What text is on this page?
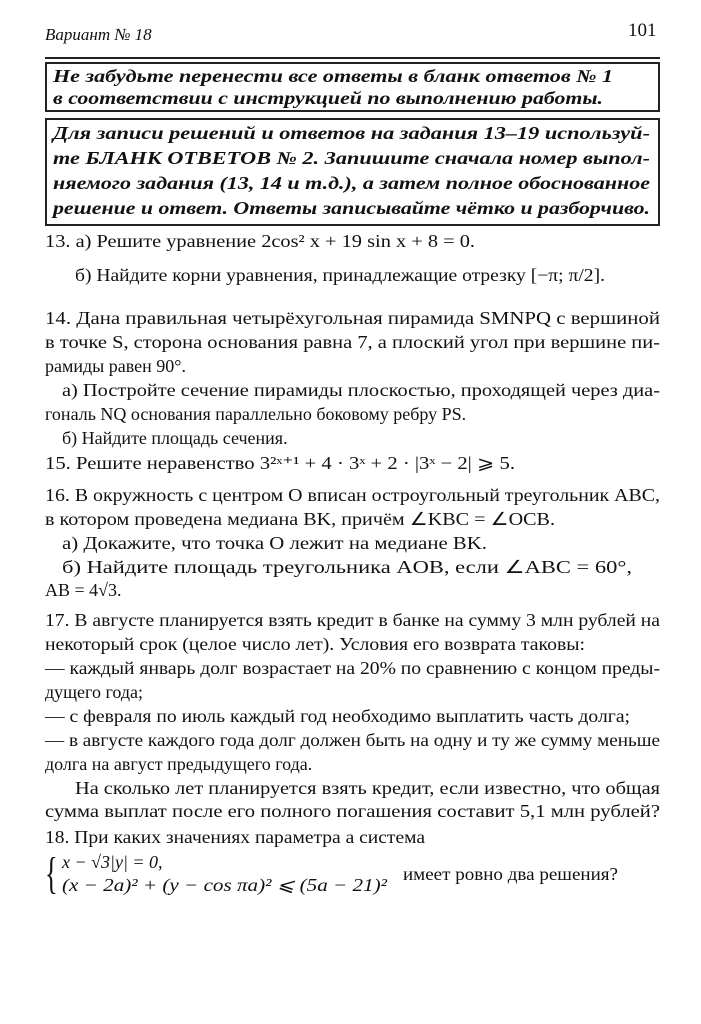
Вариант № 18	101
Не забудьте перенести все ответы в бланк ответов № 1
в соответствии с инструкцией по выполнению работы.
Для записи решений и ответов на задания 13–19 используй-
те БЛАНК ОТВЕТОВ № 2. Запишите сначала номер выпол-
няемого задания (13, 14 и т.д.), а затем полное обоснованное
решение и ответ. Ответы записывайте чётко и разборчиво.
13. а) Решите уравнение 2cos² x + 19 sin x + 8 = 0.
б) Найдите корни уравнения, принадлежащие отрезку [−π; π/2].
14. Дана правильная четырёхугольная пирамида SMNPQ с вершиной
в точке S, сторона основания равна 7, а плоский угол при вершине пи-
рамиды равен 90°.
а) Постройте сечение пирамиды плоскостью, проходящей через диа-
гональ NQ основания параллельно боковому ребру PS.
б) Найдите площадь сечения.
15. Решите неравенство 3²ˣ⁺¹ + 4 · 3ˣ + 2 · |3ˣ − 2| ⩾ 5.
16. В окружность с центром O вписан остроугольный треугольник ABC,
в котором проведена медиана BK, причём ∠KBC = ∠OCB.
а) Докажите, что точка O лежит на медиане BK.
б) Найдите площадь треугольника AOB, если ∠ABC = 60°,
AB = 4√3.
17. В августе планируется взять кредит в банке на сумму 3 млн рублей на
некоторый срок (целое число лет). Условия его возврата таковы:
— каждый январь долг возрастает на 20% по сравнению с концом преды-
дущего года;
— с февраля по июль каждый год необходимо выплатить часть долга;
— в августе каждого года долг должен быть на одну и ту же сумму меньше
долга на август предыдущего года.
На сколько лет планируется взять кредит, если известно, что общая
сумма выплат после его полного погашения составит 5,1 млн рублей?
18. При каких значениях параметра a система
{ x − √3|y| = 0,
(x − 2a)² + (y − cos πa)² ⩽ (5a − 21)²
имеет ровно два решения?
